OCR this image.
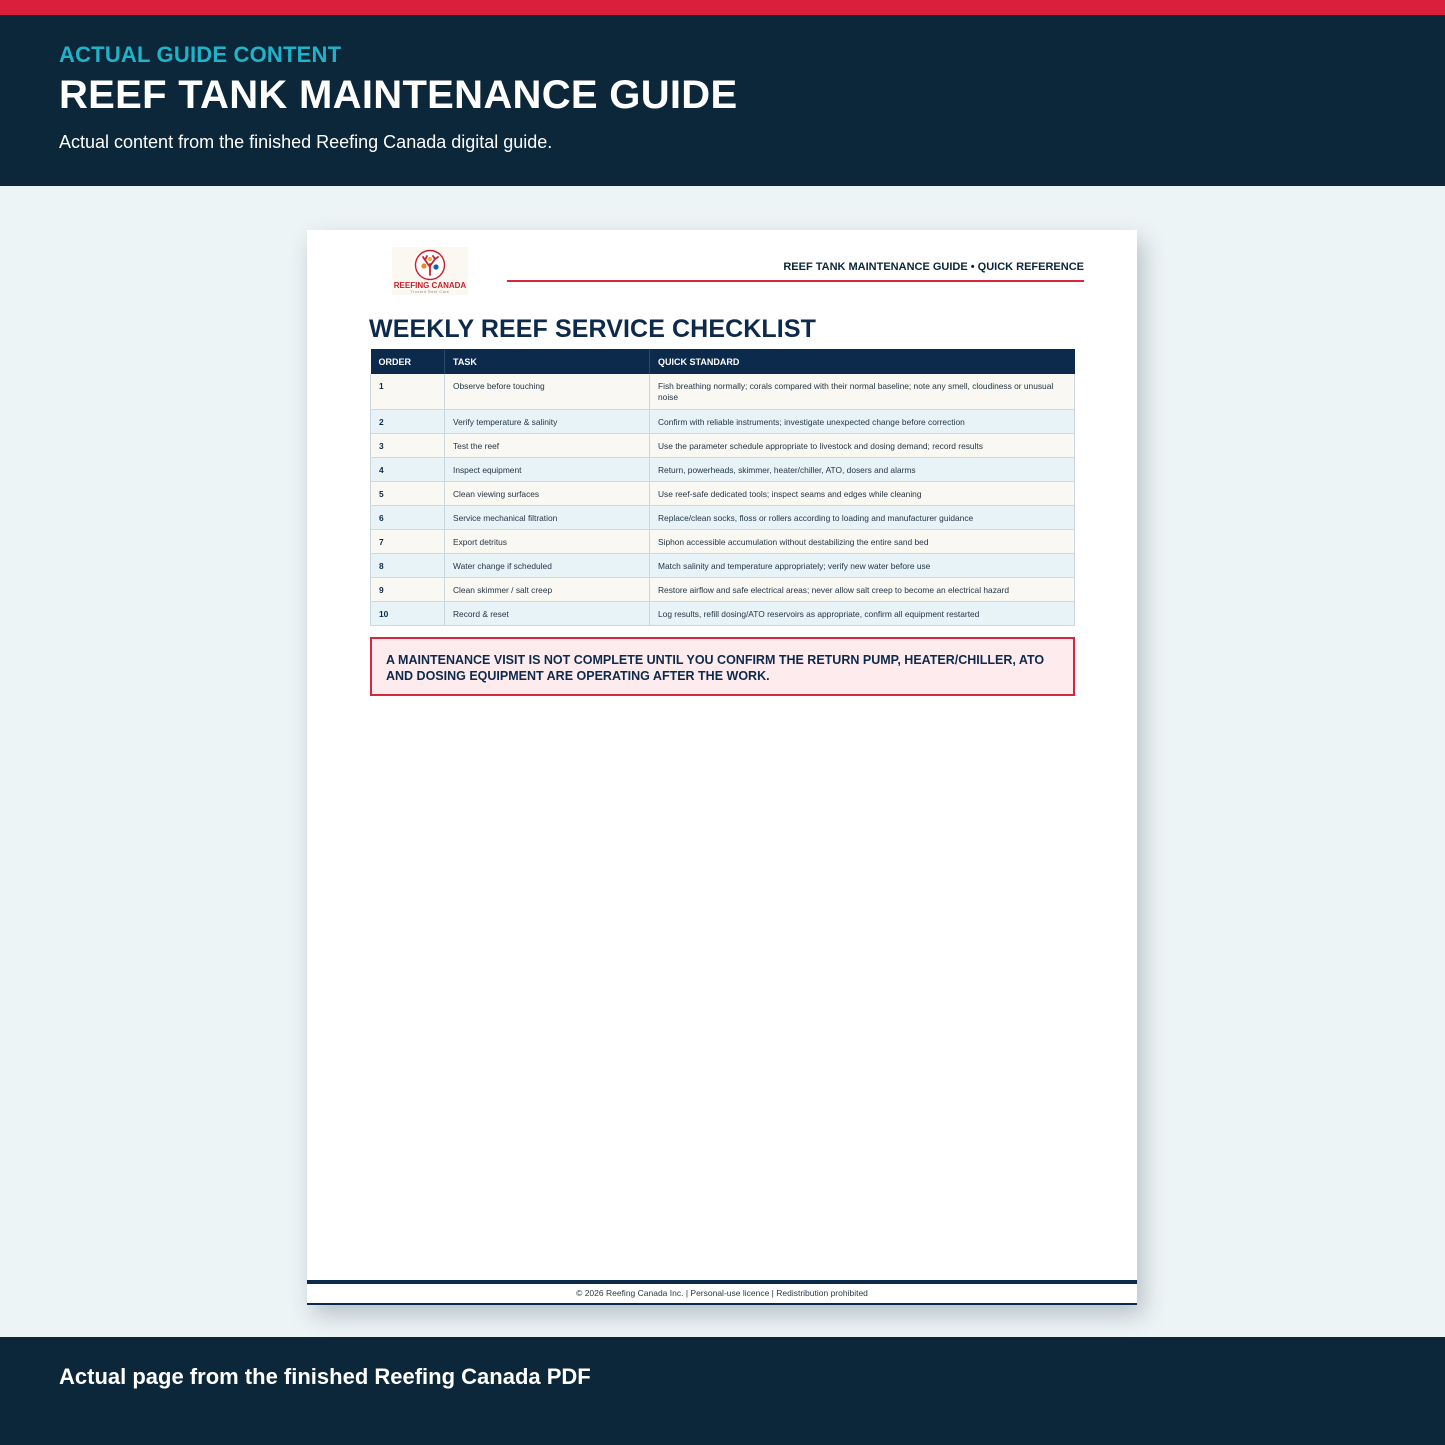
ACTUAL GUIDE CONTENT
REEF TANK MAINTENANCE GUIDE
Actual content from the finished Reefing Canada digital guide.
REEFING CANADA
Trusted Reef Care
REEF TANK MAINTENANCE GUIDE • QUICK REFERENCE
WEEKLY REEF SERVICE CHECKLIST
ORDER	TASK	QUICK STANDARD
1	Observe before touching	Fish breathing normally; corals compared with their normal baseline; note any smell, cloudiness or unusual noise
2	Verify temperature & salinity	Confirm with reliable instruments; investigate unexpected change before correction
3	Test the reef	Use the parameter schedule appropriate to livestock and dosing demand; record results
4	Inspect equipment	Return, powerheads, skimmer, heater/chiller, ATO, dosers and alarms
5	Clean viewing surfaces	Use reef-safe dedicated tools; inspect seams and edges while cleaning
6	Service mechanical filtration	Replace/clean socks, floss or rollers according to loading and manufacturer guidance
7	Export detritus	Siphon accessible accumulation without destabilizing the entire sand bed
8	Water change if scheduled	Match salinity and temperature appropriately; verify new water before use
9	Clean skimmer / salt creep	Restore airflow and safe electrical areas; never allow salt creep to become an electrical hazard
10	Record & reset	Log results, refill dosing/ATO reservoirs as appropriate, confirm all equipment restarted
A MAINTENANCE VISIT IS NOT COMPLETE UNTIL YOU CONFIRM THE RETURN PUMP, HEATER/CHILLER, ATO AND DOSING EQUIPMENT ARE OPERATING AFTER THE WORK.
© 2026 Reefing Canada Inc. | Personal-use licence | Redistribution prohibited
Actual page from the finished Reefing Canada PDF
